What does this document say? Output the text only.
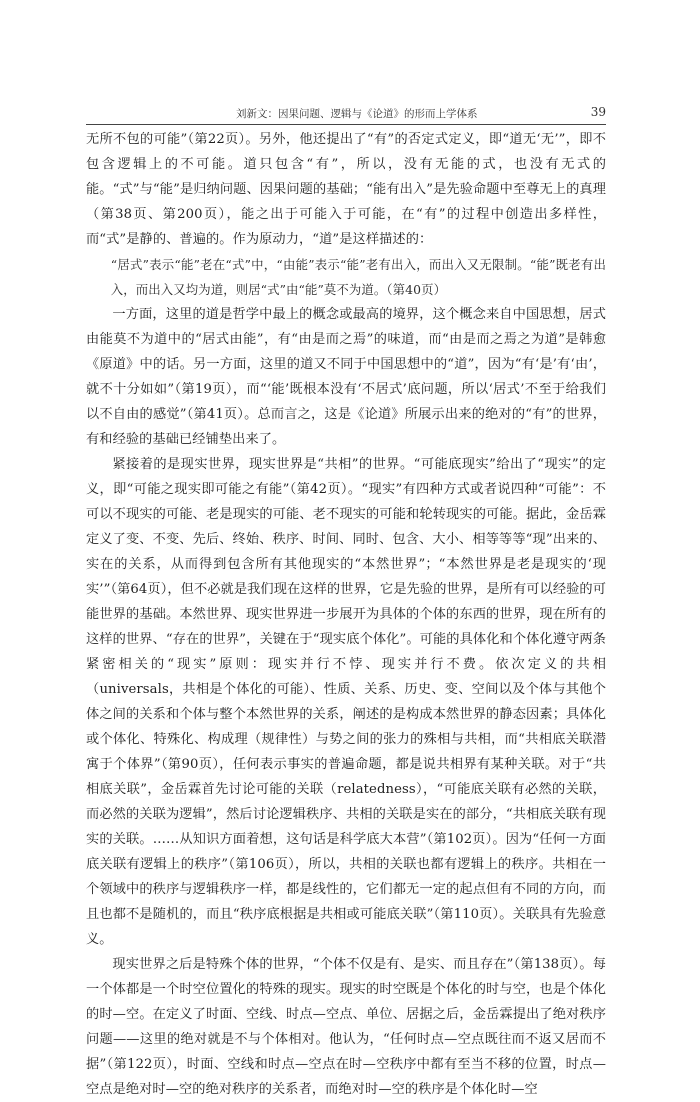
刘新文：因果问题、逻辑与《论道》的形而上学体系	39

无所不包的可能”（第22页）。另外，他还提出了“有”的否定式定义，即“道无‘无’”，即不包含逻辑上的不可能。道只包含“有”，所以，没有无能的式，也没有无式的能。“式”与“能”是归纳问题、因果问题的基础；“能有出入”是先验命题中至尊无上的真理（第38页、第200页），能之出于可能入于可能，在“有”的过程中创造出多样性，而“式”是静的、普遍的。作为原动力，“道”是这样描述的：

“居式”表示“能”老在“式”中，“由能”表示“能”老有出入，而出入又无限制。“能”既老有出入，而出入又均为道，则居“式”由“能”莫不为道。（第40页）

一方面，这里的道是哲学中最上的概念或最高的境界，这个概念来自中国思想，居式由能莫不为道中的“居式由能”，有“由是而之焉”的味道，而“由是而之焉之为道”是韩愈《原道》中的话。另一方面，这里的道又不同于中国思想中的“道”，因为“有‘是’有‘由’，就不十分如如”（第19页），而“‘能’既根本没有‘不居式’底问题，所以‘居式’不至于给我们以不自由的感觉”（第41页）。总而言之，这是《论道》所展示出来的绝对的“有”的世界，有和经验的基础已经铺垫出来了。

紧接着的是现实世界，现实世界是“共相”的世界。“可能底现实”给出了“现实”的定义，即“可能之现实即可能之有能”（第42页）。“现实”有四种方式或者说四种“可能”：不可以不现实的可能、老是现实的可能、老不现实的可能和轮转现实的可能。据此，金岳霖定义了变、不变、先后、终始、秩序、时间、同时、包含、大小、相等等等“现”出来的、实在的关系，从而得到包含所有其他现实的“本然世界”；“本然世界是老是现实的‘现实’”（第64页），但不必就是我们现在这样的世界，它是先验的世界，是所有可以经验的可能世界的基础。本然世界、现实世界进一步展开为具体的个体的东西的世界，现在所有的这样的世界、“存在的世界”，关键在于“现实底个体化”。可能的具体化和个体化遵守两条紧密相关的“现实”原则：现实并行不悖、现实并行不费。依次定义的共相（universals，共相是个体化的可能）、性质、关系、历史、变、空间以及个体与其他个体之间的关系和个体与整个本然世界的关系，阐述的是构成本然世界的静态因素；具体化或个体化、特殊化、构成理（规律性）与势之间的张力的殊相与共相，而“共相底关联潜寓于个体界”（第90页），任何表示事实的普遍命题，都是说共相界有某种关联。对于“共相底关联”，金岳霖首先讨论可能的关联（relatedness），“可能底关联有必然的关联，而必然的关联为逻辑”，然后讨论逻辑秩序、共相的关联是实在的部分，“共相底关联有现实的关联。……从知识方面着想，这句话是科学底大本营”（第102页）。因为“任何一方面底关联有逻辑上的秩序”（第106页），所以，共相的关联也都有逻辑上的秩序。共相在一个领域中的秩序与逻辑秩序一样，都是线性的，它们都无一定的起点但有不同的方向，而且也都不是随机的，而且“秩序底根据是共相或可能底关联”（第110页）。关联具有先验意义。

现实世界之后是特殊个体的世界，“个体不仅是有、是实、而且存在”（第138页）。每一个体都是一个时空位置化的特殊的现实。现实的时空既是个体化的时与空，也是个体化的时—空。在定义了时面、空线、时点—空点、单位、居据之后，金岳霖提出了绝对秩序问题——这里的绝对就是不与个体相对。他认为，“任何时点—空点既往而不返又居而不据”（第122页），时面、空线和时点—空点在时—空秩序中都有至当不移的位置，时点—空点是绝对时—空的绝对秩序的关系者，而绝对时—空的秩序是个体化时—空
